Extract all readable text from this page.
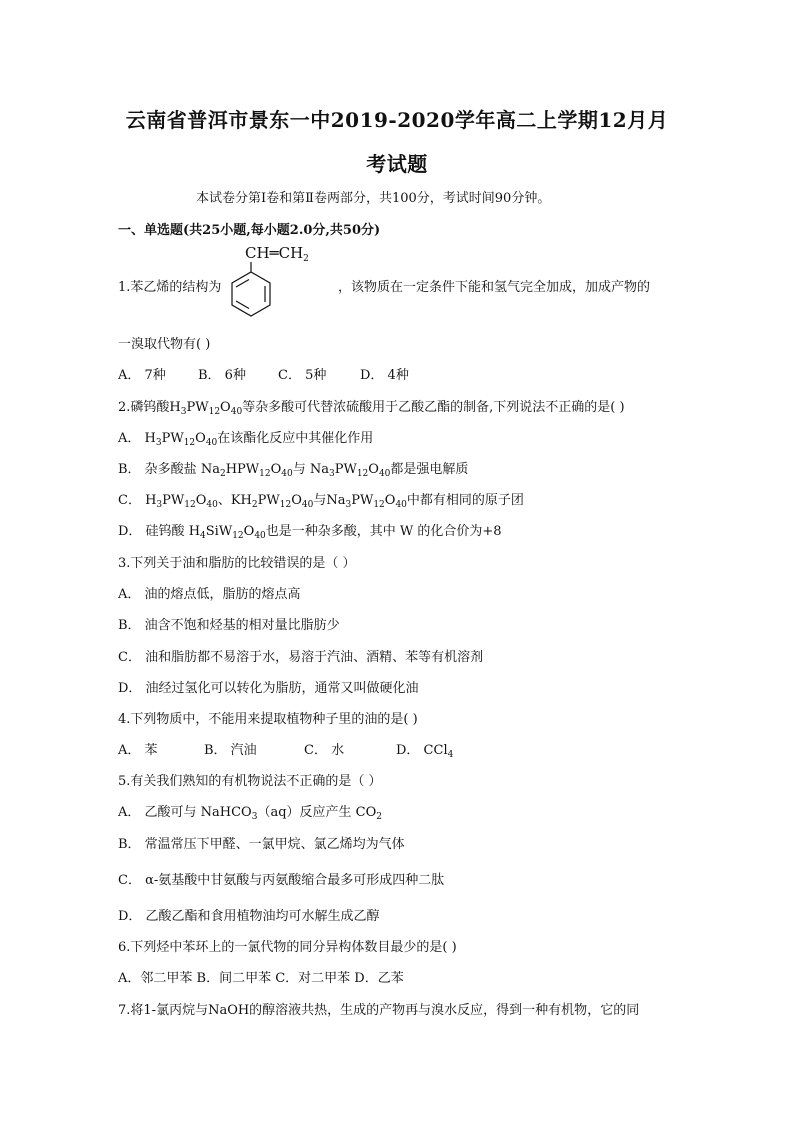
云南省普洱市景东一中2019-2020学年高二上学期12月月
考试题
本试卷分第Ⅰ卷和第Ⅱ卷两部分，共100分，考试时间90分钟。
一、单选题(共25小题,每小题2.0分,共50分)
1.苯乙烯的结构为
$CH═CH_2$
，该物质在一定条件下能和氢气完全加成，加成产物的
一溴取代物有( )
A． 7种 B． 6种 C． 5种	D． 4种
2.磷钨酸$H_3PW_{12}O_{40}$等杂多酸可代替浓硫酸用于乙酸乙酯的制备,下列说法不正确的是( )
A． $H_3PW_{12}O_{40}$在该酯化反应中其催化作用
B． 杂多酸盐 $Na_2HPW_{12}O_{40}$与 $Na_3PW_{12}O_{40}$都是强电解质
C． $H_3PW_{12}O_{40}$、$KH_2PW_{12}O_{40}$与$Na_3PW_{12}O_{40}$中都有相同的原子团
D． 硅钨酸 $H_4SiW_{12}O_{40}$也是一种杂多酸，其中 W 的化合价为+8
3.下列关于油和脂肪的比较错误的是（ ）
A． 油的熔点低，脂肪的熔点高
B． 油含不饱和烃基的相对量比脂肪少
C． 油和脂肪都不易溶于水，易溶于汽油、酒精、苯等有机溶剂
D． 油经过氢化可以转化为脂肪，通常又叫做硬化油
4.下列物质中，不能用来提取植物种子里的油的是( )
A． 苯	B． 汽油	C． 水	D． CCl$_4$
5.有关我们熟知的有机物说法不正确的是（ ）
A． 乙酸可与 NaHCO$_3$（aq）反应产生 $CO_2$
B． 常温常压下甲醛、一氯甲烷、氯乙烯均为气体
C． α-氨基酸中甘氨酸与丙氨酸缩合最多可形成四种二肽
D． 乙酸乙酯和食用植物油均可水解生成乙醇
6.下列烃中苯环上的一氯代物的同分异构体数目最少的是( )
A．邻二甲苯 B．间二甲苯 C．对二甲苯 D．乙苯
7.将1-氯丙烷与NaOH的醇溶液共热，生成的产物再与溴水反应，得到一种有机物，它的同
